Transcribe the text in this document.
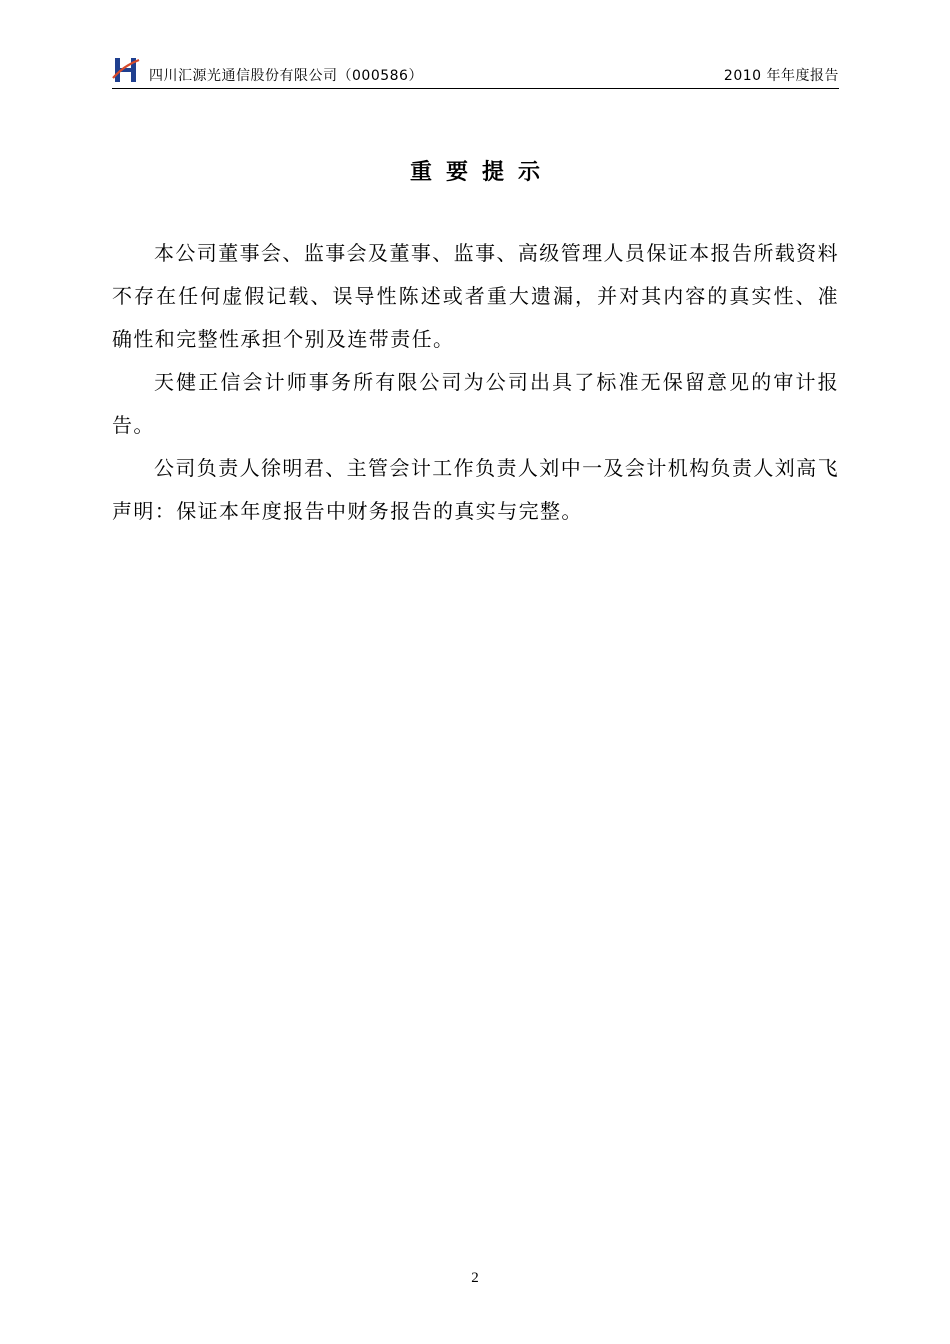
四川汇源光通信股份有限公司（000586）	2010 年年度报告
重要提示

本公司董事会、监事会及董事、监事、高级管理人员保证本报告所载资料不存在任何虚假记载、误导性陈述或者重大遗漏，并对其内容的真实性、准确性和完整性承担个别及连带责任。

天健正信会计师事务所有限公司为公司出具了标准无保留意见的审计报告。

公司负责人徐明君、主管会计工作负责人刘中一及会计机构负责人刘高飞声明：保证本年度报告中财务报告的真实与完整。

2
